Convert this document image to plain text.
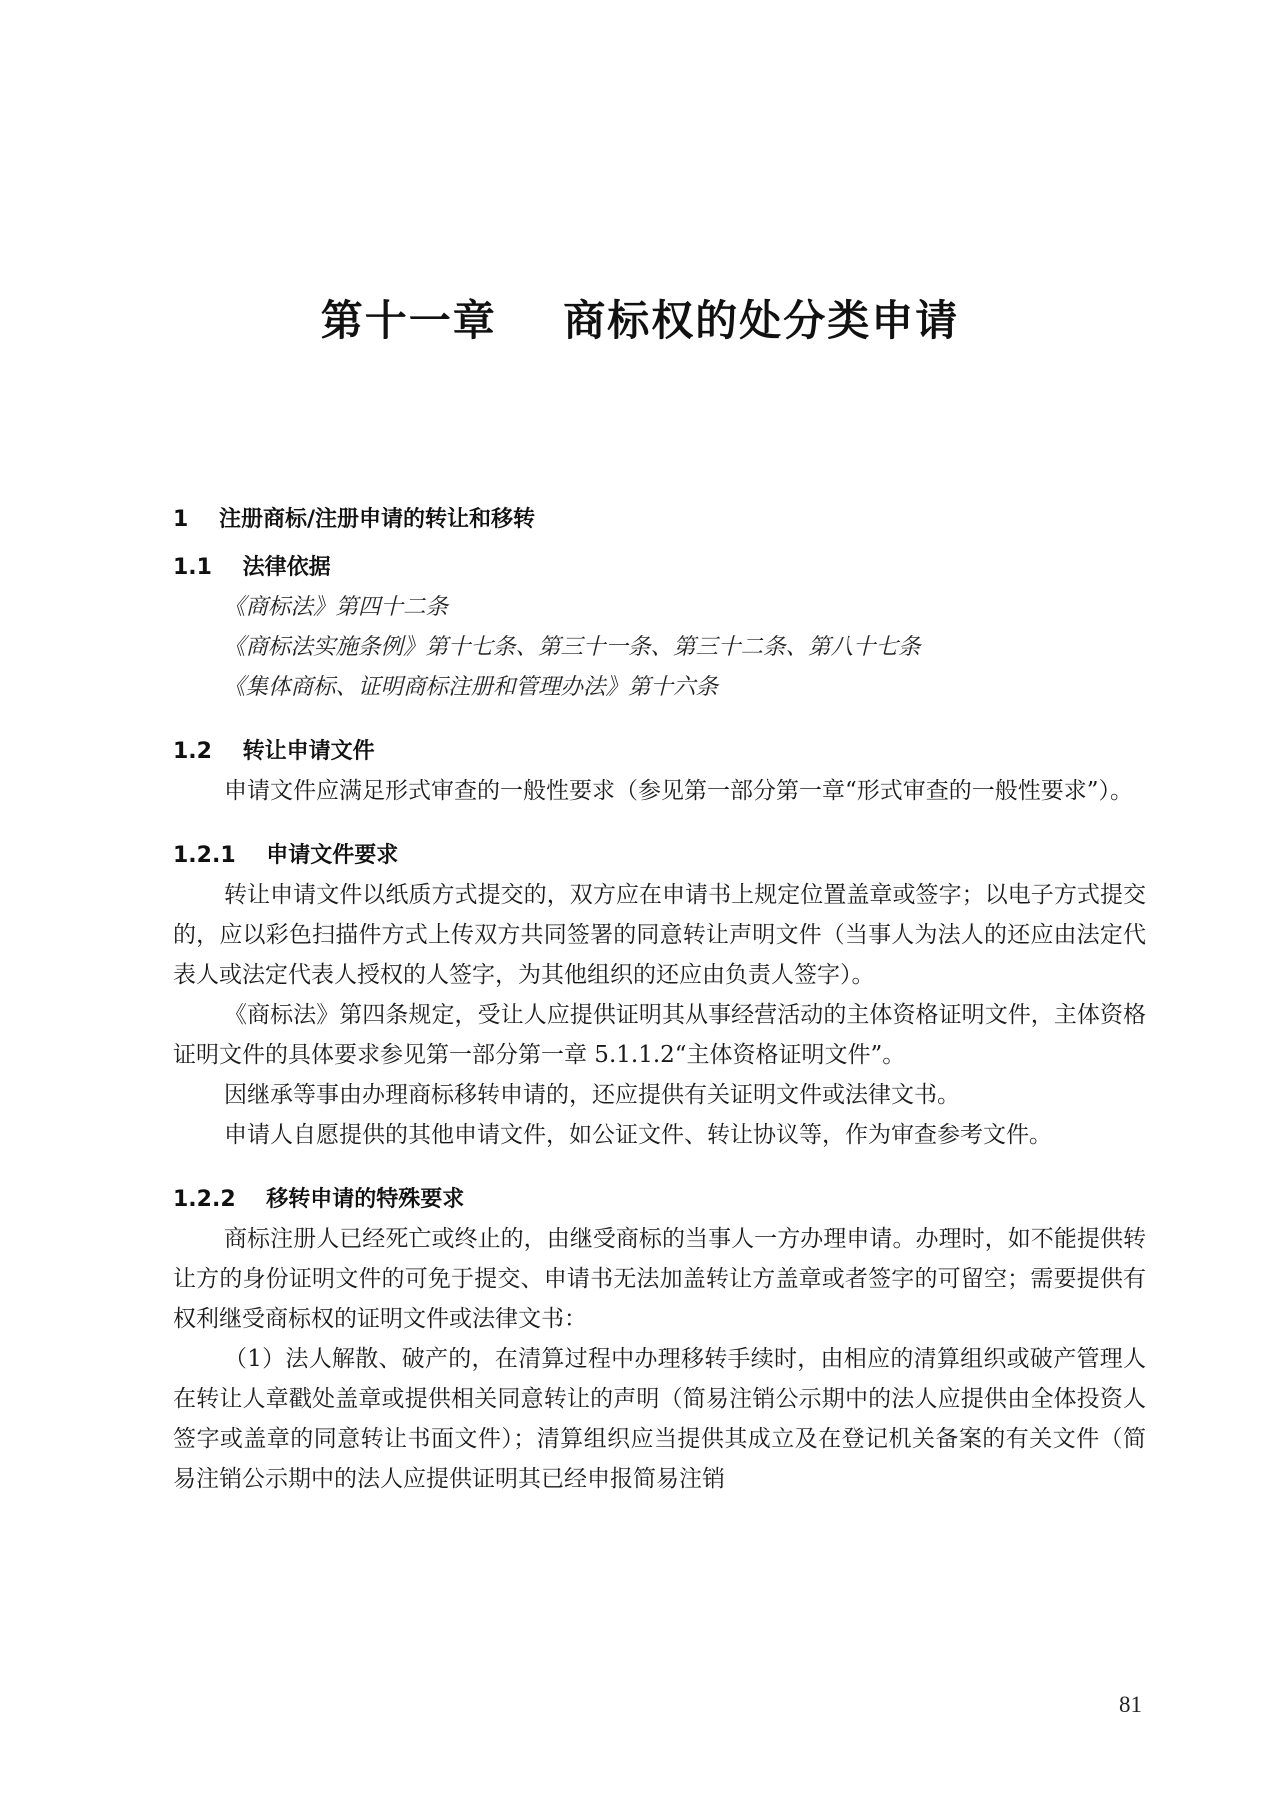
第十一章    商标权的处分类申请
1    注册商标/注册申请的转让和移转
1.1    法律依据
《商标法》第四十二条
《商标法实施条例》第十七条、第三十一条、第三十二条、第八十七条
《集体商标、证明商标注册和管理办法》第十六条
1.2    转让申请文件

申请文件应满足形式审查的一般性要求（参见第一部分第一章“形式审查的一般性要求”）。

1.2.1    申请文件要求

转让申请文件以纸质方式提交的，双方应在申请书上规定位置盖章或签字；以电子方式提交的，应以彩色扫描件方式上传双方共同签署的同意转让声明文件（当事人为法人的还应由法定代表人或法定代表人授权的人签字，为其他组织的还应由负责人签字）。

《商标法》第四条规定，受让人应提供证明其从事经营活动的主体资格证明文件，主体资格证明文件的具体要求参见第一部分第一章 5.1.1.2“主体资格证明文件”。

因继承等事由办理商标移转申请的，还应提供有关证明文件或法律文书。

申请人自愿提供的其他申请文件，如公证文件、转让协议等，作为审查参考文件。

1.2.2    移转申请的特殊要求

商标注册人已经死亡或终止的，由继受商标的当事人一方办理申请。办理时，如不能提供转让方的身份证明文件的可免于提交、申请书无法加盖转让方盖章或者签字的可留空；需要提供有权利继受商标权的证明文件或法律文书：

（1）法人解散、破产的，在清算过程中办理移转手续时，由相应的清算组织或破产管理人在转让人章戳处盖章或提供相关同意转让的声明（简易注销公示期中的法人应提供由全体投资人签字或盖章的同意转让书面文件）；清算组织应当提供其成立及在登记机关备案的有关文件（简易注销公示期中的法人应提供证明其已经申报简易注销

81
